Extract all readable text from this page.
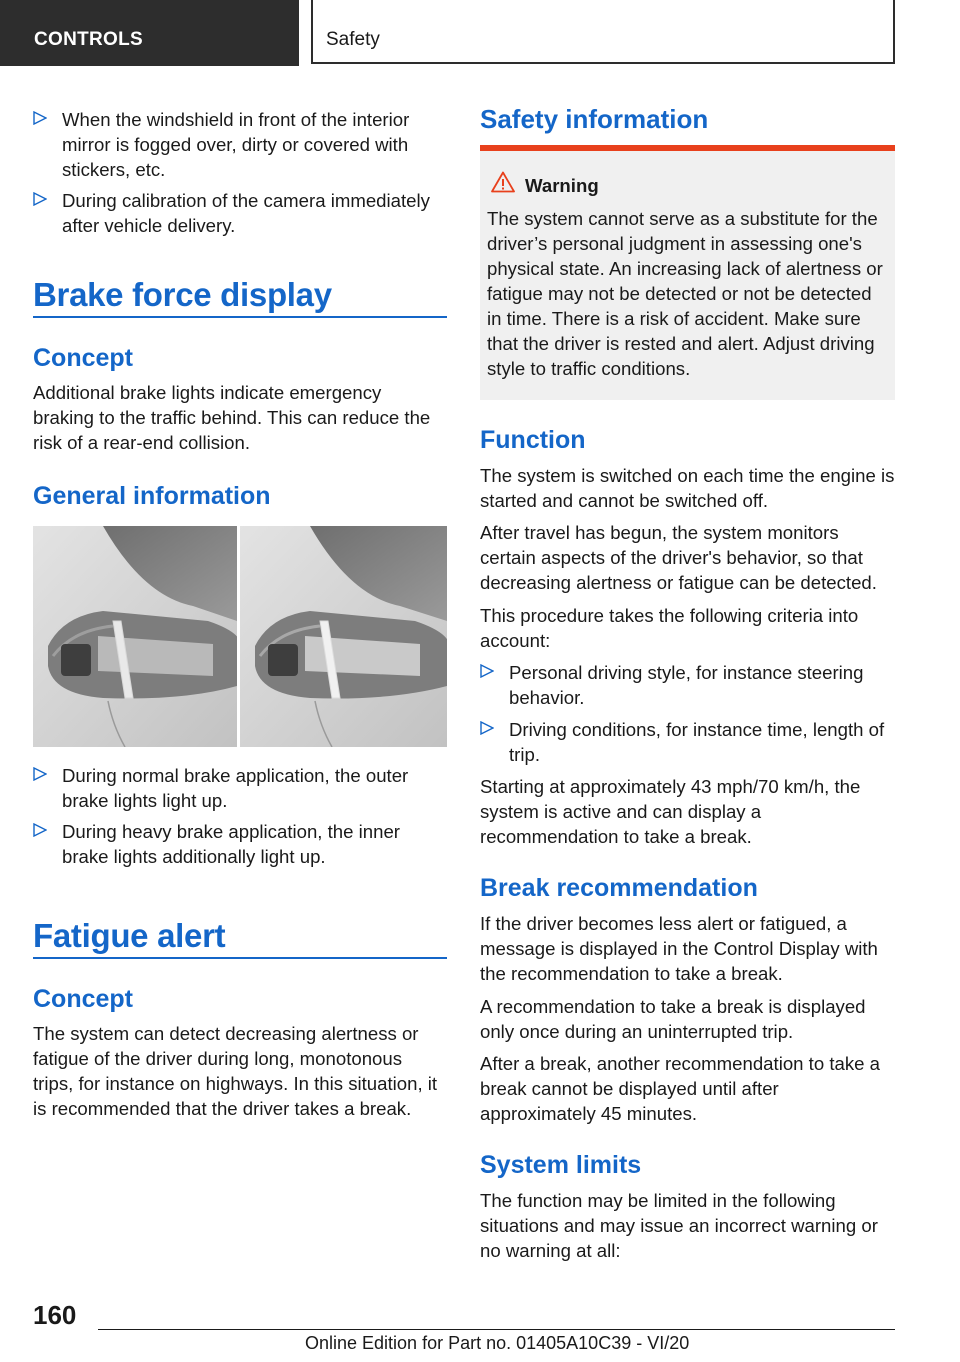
CONTROLS	Safety
When the windshield in front of the interior mirror is fogged over, dirty or covered with stickers, etc.
During calibration of the camera immediately after vehicle delivery.
Brake force display
Concept

Additional brake lights indicate emergency braking to the traffic behind. This can reduce the risk of a rear-end collision.

General information
During normal brake application, the outer brake lights light up.
During heavy brake application, the inner brake lights additionally light up.
Fatigue alert
Concept

The system can detect decreasing alertness or fatigue of the driver during long, monotonous trips, for instance on highways. In this situation, it is recommended that the driver takes a break.

Safety information
Warning

The system cannot serve as a substitute for the driver’s personal judgment in assessing one's physical state. An increasing lack of alertness or fatigue may not be detected or not be detected in time. There is a risk of accident. Make sure that the driver is rested and alert. Adjust driving style to traffic conditions.

Function

The system is switched on each time the engine is started and cannot be switched off.

After travel has begun, the system monitors certain aspects of the driver's behavior, so that decreasing alertness or fatigue can be detected.

This procedure takes the following criteria into account:

Personal driving style, for instance steering behavior.
Driving conditions, for instance time, length of trip.

Starting at approximately 43 mph/70 km/h, the system is active and can display a recommendation to take a break.

Break recommendation

If the driver becomes less alert or fatigued, a message is displayed in the Control Display with the recommendation to take a break.

A recommendation to take a break is displayed only once during an uninterrupted trip.

After a break, another recommendation to take a break cannot be displayed until after approximately 45 minutes.

System limits

The function may be limited in the following situations and may issue an incorrect warning or no warning at all:

160
Online Edition for Part no. 01405A10C39 - VI/20
